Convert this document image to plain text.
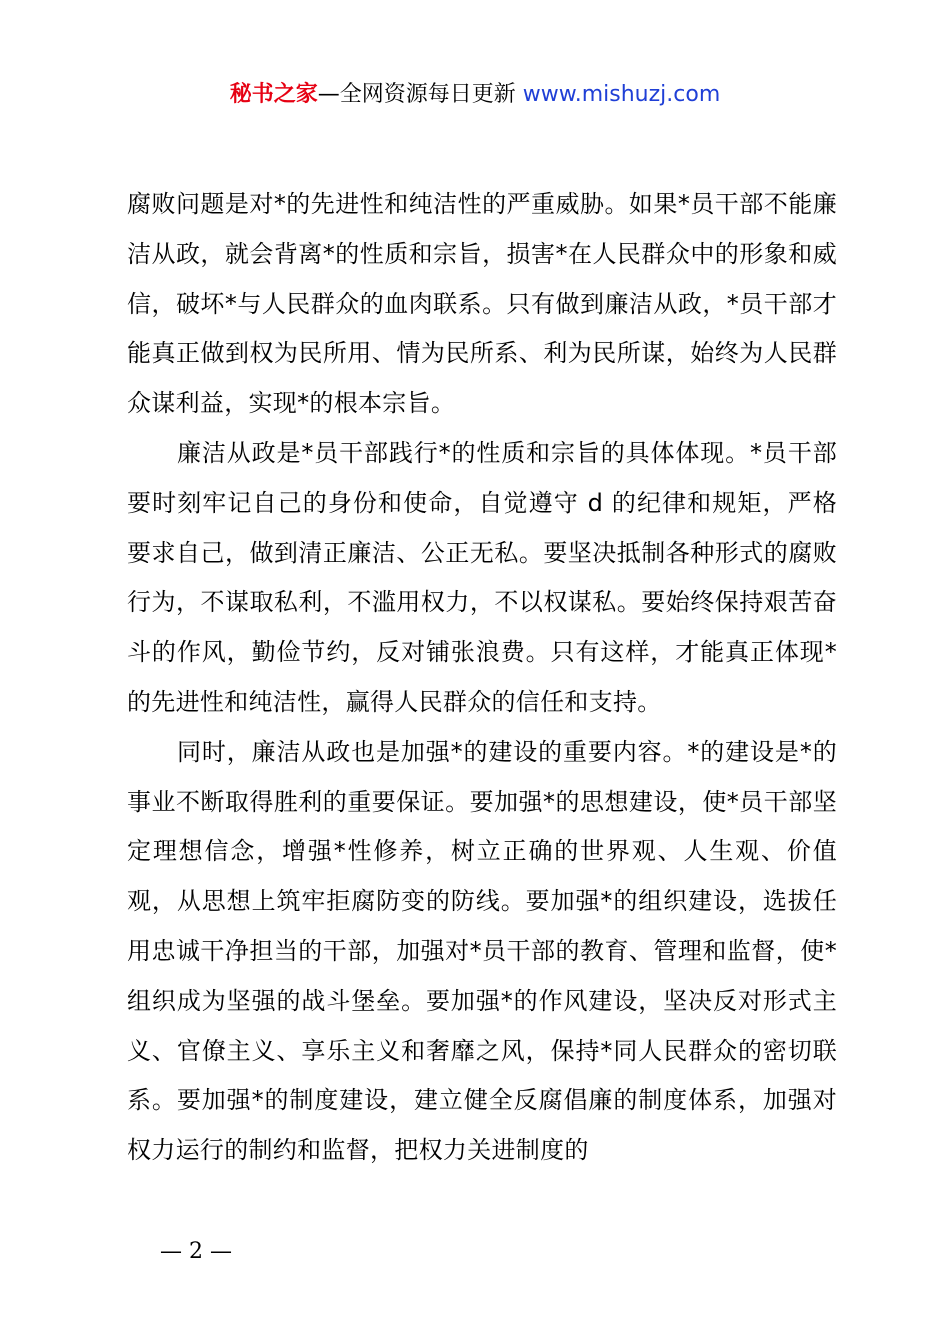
秘书之家—全网资源每日更新 www.mishuzj.com

腐败问题是对*的先进性和纯洁性的严重威胁。如果*员干部不能廉洁从政，就会背离*的性质和宗旨，损害*在人民群众中的形象和威信，破坏*与人民群众的血肉联系。只有做到廉洁从政，*员干部才能真正做到权为民所用、情为民所系、利为民所谋，始终为人民群众谋利益，实现*的根本宗旨。

廉洁从政是*员干部践行*的性质和宗旨的具体体现。*员干部要时刻牢记自己的身份和使命，自觉遵守 d 的纪律和规矩，严格要求自己，做到清正廉洁、公正无私。要坚决抵制各种形式的腐败行为，不谋取私利，不滥用权力，不以权谋私。要始终保持艰苦奋斗的作风，勤俭节约，反对铺张浪费。只有这样，才能真正体现*的先进性和纯洁性，赢得人民群众的信任和支持。

同时，廉洁从政也是加强*的建设的重要内容。*的建设是*的事业不断取得胜利的重要保证。要加强*的思想建设，使*员干部坚定理想信念，增强*性修养，树立正确的世界观、人生观、价值观，从思想上筑牢拒腐防变的防线。要加强*的组织建设，选拔任用忠诚干净担当的干部，加强对*员干部的教育、管理和监督，使*组织成为坚强的战斗堡垒。要加强*的作风建设，坚决反对形式主义、官僚主义、享乐主义和奢靡之风，保持*同人民群众的密切联系。要加强*的制度建设，建立健全反腐倡廉的制度体系，加强对权力运行的制约和监督，把权力关进制度的

— 2 —
